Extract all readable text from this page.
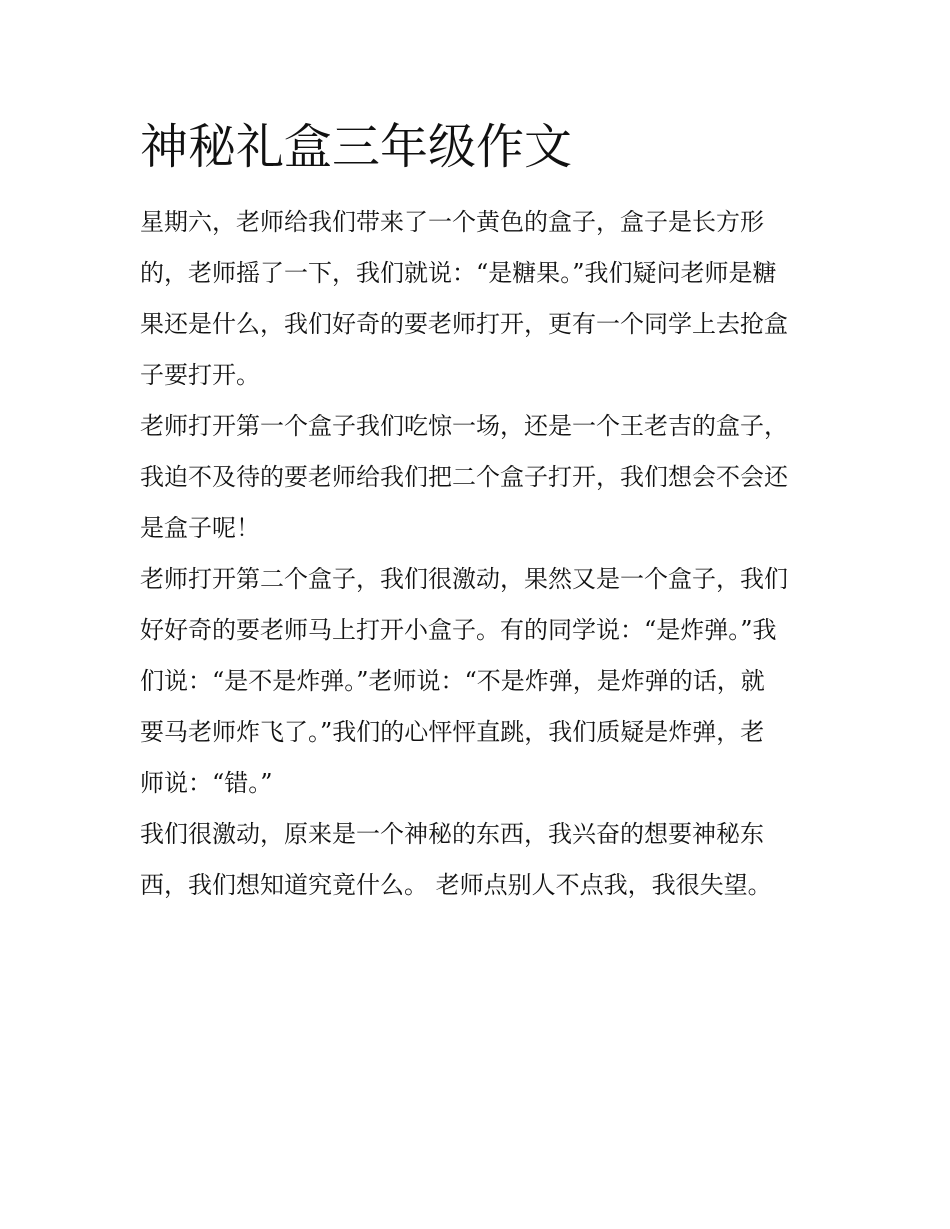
神秘礼盒三年级作文
星期六，老师给我们带来了一个黄色的盒子，盒子是长方形
的，老师摇了一下，我们就说：“是糖果。”我们疑问老师是糖
果还是什么，我们好奇的要老师打开，更有一个同学上去抢盒
子要打开。
老师打开第一个盒子我们吃惊一场，还是一个王老吉的盒子，
我迫不及待的要老师给我们把二个盒子打开，我们想会不会还
是盒子呢！
老师打开第二个盒子，我们很激动，果然又是一个盒子，我们
好好奇的要老师马上打开小盒子。有的同学说：“是炸弹。”我
们说：“是不是炸弹。”老师说：“不是炸弹，是炸弹的话，就
要马老师炸飞了。”我们的心怦怦直跳，我们质疑是炸弹，老
师说：“错。”
我们很激动，原来是一个神秘的东西，我兴奋的想要神秘东
西，我们想知道究竟什么。 老师点别人不点我，我很失望。
